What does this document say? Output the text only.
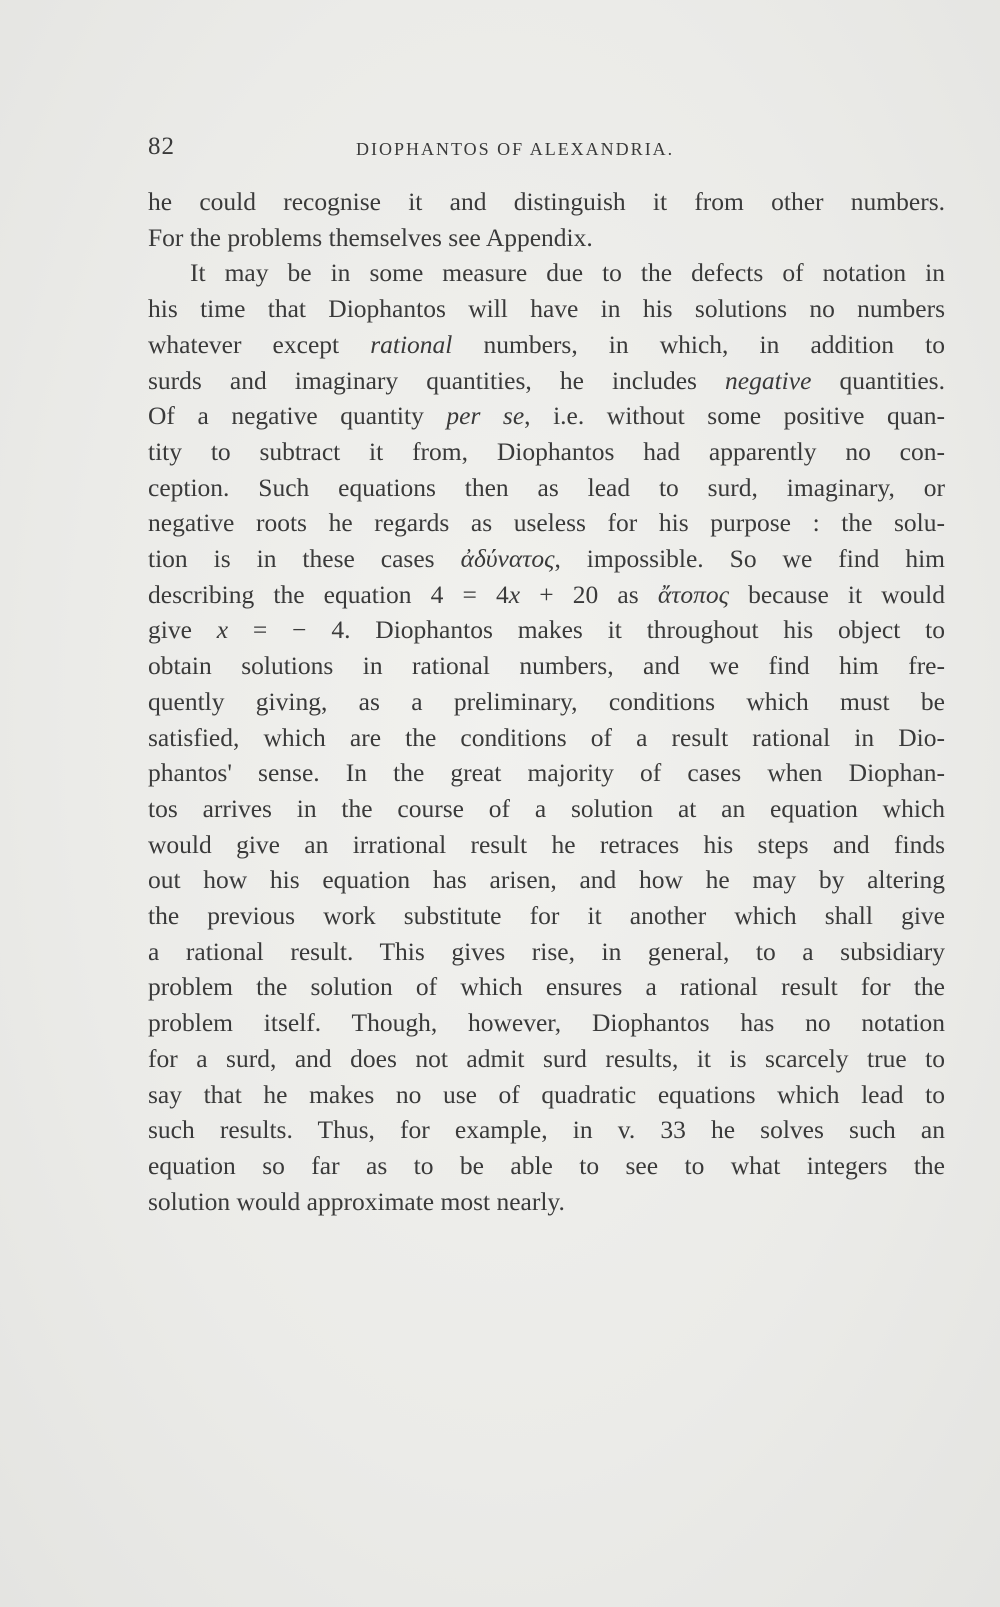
82	DIOPHANTOS OF ALEXANDRIA.
he could recognise it and distinguish it from other numbers.
For the problems themselves see Appendix.
It may be in some measure due to the defects of notation in
his time that Diophantos will have in his solutions no numbers
whatever except rational numbers, in which, in addition to
surds and imaginary quantities, he includes negative quantities.
Of a negative quantity per se, i.e. without some positive quan-
tity to subtract it from, Diophantos had apparently no con-
ception. Such equations then as lead to surd, imaginary, or
negative roots he regards as useless for his purpose : the solu-
tion is in these cases ἀδύνατος, impossible. So we find him
describing the equation 4 = 4x + 20 as ἄτοπος because it would
give x = − 4. Diophantos makes it throughout his object to
obtain solutions in rational numbers, and we find him fre-
quently giving, as a preliminary, conditions which must be
satisfied, which are the conditions of a result rational in Dio-
phantos' sense. In the great majority of cases when Diophan-
tos arrives in the course of a solution at an equation which
would give an irrational result he retraces his steps and finds
out how his equation has arisen, and how he may by altering
the previous work substitute for it another which shall give
a rational result. This gives rise, in general, to a subsidiary
problem the solution of which ensures a rational result for the
problem itself. Though, however, Diophantos has no notation
for a surd, and does not admit surd results, it is scarcely true to
say that he makes no use of quadratic equations which lead to
such results. Thus, for example, in v. 33 he solves such an
equation so far as to be able to see to what integers the
solution would approximate most nearly.
